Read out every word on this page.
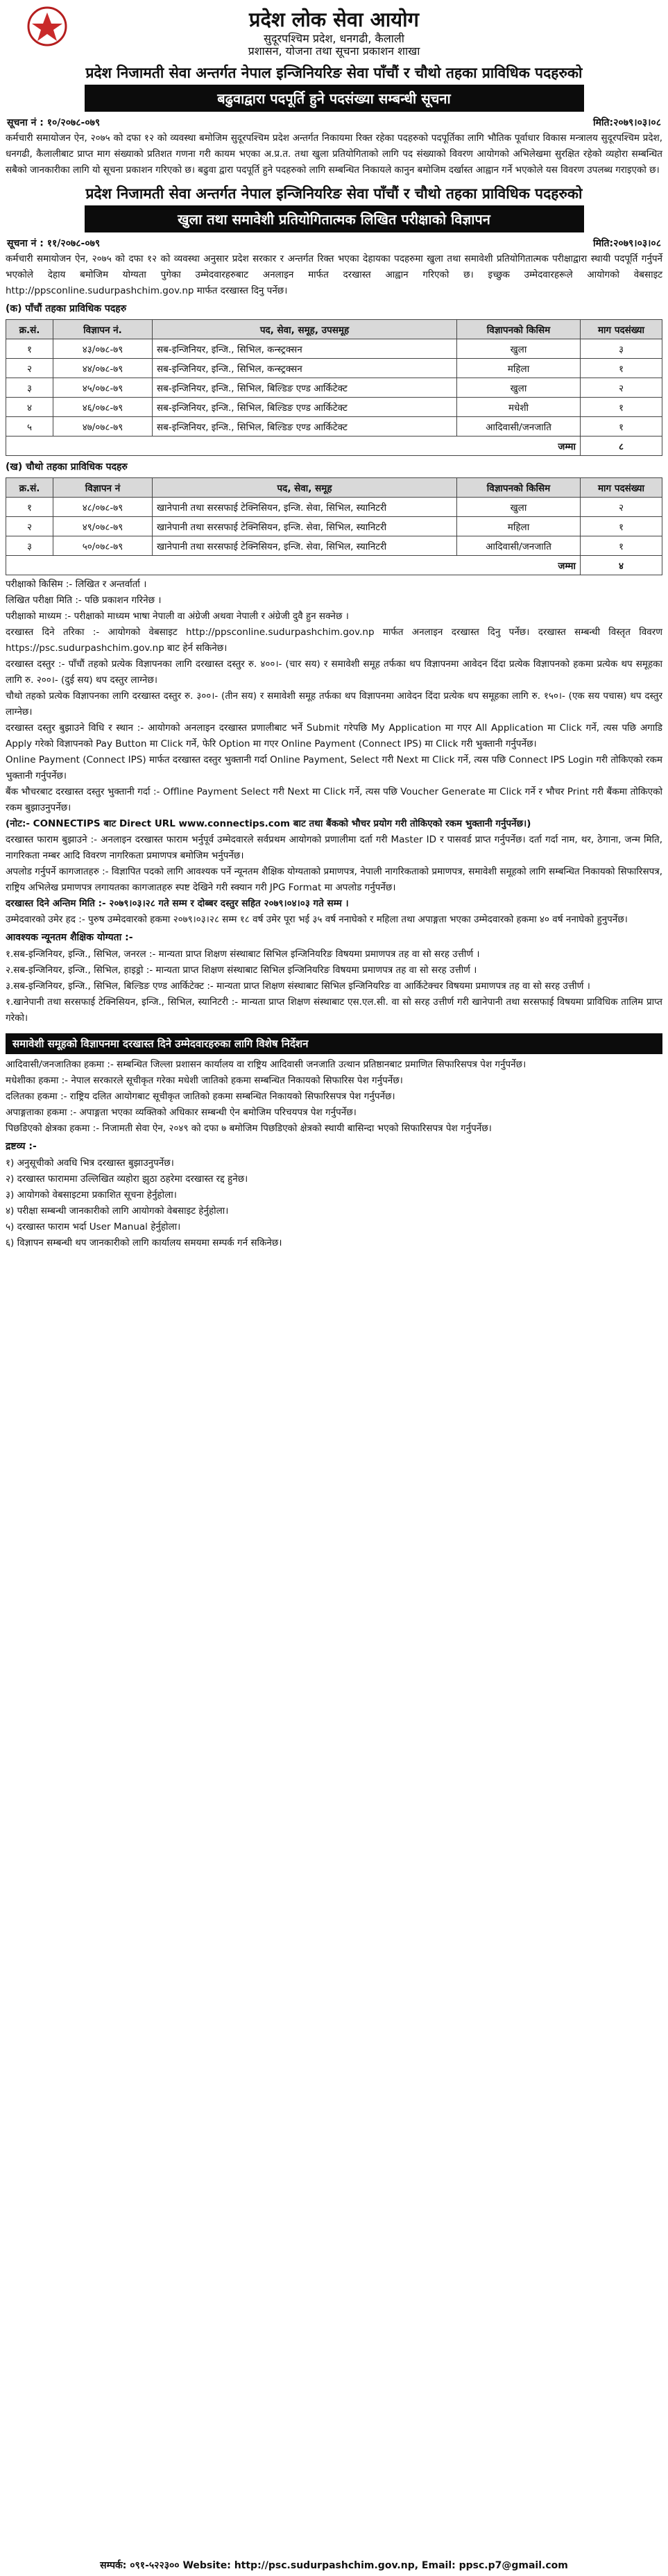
प्रदेश लोक सेवा आयोग
सुदूरपश्चिम प्रदेश, धनगढी, कैलाली
प्रशासन, योजना तथा सूचना प्रकाशन शाखा
प्रदेश निजामती सेवा अन्तर्गत नेपाल इन्जिनियरिङ सेवा पाँचौं र चौथो तहका प्राविधिक पदहरुको
बढुवाद्वारा पदपूर्ति हुने पदसंख्या सम्बन्धी सूचना
सूचना नं : १०/२०७८-०७९	मिति:२०७९।०३।०८

कर्मचारी समायोजन ऐन, २०७५ को दफा १२ को व्यवस्था बमोजिम सुदूरपश्चिम प्रदेश अन्तर्गत निकायमा रिक्त रहेका पदहरुको पदपूर्तिका लागि भौतिक पूर्वाधार विकास मन्त्रालय सुदूरपश्चिम प्रदेश, धनगढी, कैलालीबाट प्राप्त माग संख्याको प्रतिशत गणना गरी कायम भएका अ.प्र.त. तथा खुला प्रतियोगिताको लागि पद संख्याको विवरण आयोगको अभिलेखमा सुरक्षित रहेको व्यहोरा सम्बन्धित सबैको जानकारीका लागि यो सूचना प्रकाशन गरिएको छ। बढुवा द्वारा पदपूर्ति हुने पदहरुको लागि सम्बन्धित निकायले कानुन बमोजिम दर्खास्त आह्वान गर्ने भएकोले यस विवरण उपलब्ध गराइएको छ।

प्रदेश निजामती सेवा अन्तर्गत नेपाल इन्जिनियरिङ सेवा पाँचौं र चौथो तहका प्राविधिक पदहरुको
खुला तथा समावेशी प्रतियोगितात्मक लिखित परीक्षाको विज्ञापन
सूचना नं : ११/२०७८-०७९	मिति:२०७९।०३।०८

कर्मचारी समायोजन ऐन, २०७५ को दफा १२ को व्यवस्था अनुसार प्रदेश सरकार र अन्तर्गत रिक्त भएका देहायका पदहरुमा खुला तथा समावेशी प्रतियोगितात्मक परीक्षाद्वारा स्थायी पदपूर्ति गर्नुपर्ने भएकोले देहाय बमोजिम योग्यता पुगेका उम्मेदवारहरुबाट अनलाइन मार्फत दरखास्त आह्वान गरिएको छ। इच्छुक उम्मेदवारहरूले आयोगको वेबसाइट http://ppsconline.sudurpashchim.gov.np मार्फत दरखास्त दिनु पर्नेछ।

(क) पाँचौं तहका प्राविधिक पदहरु
क्र.सं.	विज्ञापन नं.	पद, सेवा, समूह, उपसमूह	विज्ञापनको किसिम	माग पदसंख्या
१	४३/०७८-७९	सब-इन्जिनियर, इन्जि., सिभिल, कन्स्ट्रक्सन	खुला	३
२	४४/०७८-७९	सब-इन्जिनियर, इन्जि., सिभिल, कन्स्ट्रक्सन	महिला	१
३	४५/०७८-७९	सब-इन्जिनियर, इन्जि., सिभिल, बिल्डिङ एण्ड आर्किटेक्ट	खुला	२
४	४६/०७८-७९	सब-इन्जिनियर, इन्जि., सिभिल, बिल्डिङ एण्ड आर्किटेक्ट	मधेशी	१
५	४७/०७८-७९	सब-इन्जिनियर, इन्जि., सिभिल, बिल्डिङ एण्ड आर्किटेक्ट	आदिवासी/जनजाति	१
जम्मा				८
(ख) चौथो तहका प्राविधिक पदहरु
क्र.सं.	विज्ञापन नं	पद, सेवा, समूह	विज्ञापनको किसिम	माग पदसंख्या
१	४८/०७८-७९	खानेपानी तथा सरसफाई टेक्निसियन, इन्जि. सेवा, सिभिल, स्यानिटरी	खुला	२
२	४९/०७८-७९	खानेपानी तथा सरसफाई टेक्निसियन, इन्जि. सेवा, सिभिल, स्यानिटरी	महिला	१
३	५०/०७८-७९	खानेपानी तथा सरसफाई टेक्निसियन, इन्जि. सेवा, सिभिल, स्यानिटरी	आदिवासी/जनजाति	१
जम्मा				४
परीक्षाको किसिम :- लिखित र अन्तर्वार्ता ।
लिखित परीक्षा मिति :- पछि प्रकाशन गरिनेछ ।
परीक्षाको माध्यम :- परीक्षाको माध्यम भाषा नेपाली वा अंग्रेजी अथवा नेपाली र अंग्रेजी दुवै हुन सक्नेछ ।
दरखास्त दिने तरिका :- आयोगको वेबसाइट http://ppsconline.sudurpashchim.gov.np मार्फत अनलाइन दरखास्त दिनु पर्नेछ। दरखास्त सम्बन्धी विस्तृत विवरण https://psc.sudurpashchim.gov.np बाट हेर्न सकिनेछ।
दरखास्त दस्तुर :- पाँचौं तहको प्रत्येक विज्ञापनका लागि दरखास्त दस्तुर रु. ४००।- (चार सय) र समावेशी समूह तर्फका थप विज्ञापनमा आवेदन दिंदा प्रत्येक विज्ञापनको हकमा प्रत्येक थप समूहका लागि रु. २००।- (दुई सय) थप दस्तुर लाग्नेछ।
चौथो तहको प्रत्येक विज्ञापनका लागि दरखास्त दस्तुर रु. ३००।- (तीन सय) र समावेशी समूह तर्फका थप विज्ञापनमा आवेदन दिंदा प्रत्येक थप समूहका लागि रु. १५०।- (एक सय पचास) थप दस्तुर लाग्नेछ।
दरखास्त दस्तुर बुझाउने विधि र स्थान :- आयोगको अनलाइन दरखास्त प्रणालीबाट भर्ने Submit गरेपछि My Application मा गएर All Application मा Click गर्ने, त्यस पछि अगाडि Apply गरेको विज्ञापनको Pay Button मा Click गर्ने, फेरि Option मा गएर Online Payment (Connect IPS) मा Click गरी भुक्तानी गर्नुपर्नेछ।
Online Payment (Connect IPS) मार्फत दरखास्त दस्तुर भुक्तानी गर्दा Online Payment, Select गरी Next मा Click गर्ने, त्यस पछि Connect IPS Login गरी तोकिएको रकम भुक्तानी गर्नुपर्नेछ।
बैंक भौचरबाट दरखास्त दस्तुर भुक्तानी गर्दा :- Offline Payment Select गरी Next मा Click गर्ने, त्यस पछि Voucher Generate मा Click गर्ने र भौचर Print गरी बैंकमा तोकिएको रकम बुझाउनुपर्नेछ।
(नोट:- CONNECTIPS बाट Direct URL www.connectips.com बाट तथा बैंकको भौचर प्रयोग गरी तोकिएको रकम भुक्तानी गर्नुपर्नेछ।)
दरखास्त फाराम बुझाउने :- अनलाइन दरखास्त फाराम भर्नुपूर्व उम्मेदवारले सर्वप्रथम आयोगको प्रणालीमा दर्ता गरी Master ID र पासवर्ड प्राप्त गर्नुपर्नेछ। दर्ता गर्दा नाम, थर, ठेगाना, जन्म मिति, नागरिकता नम्बर आदि विवरण नागरिकता प्रमाणपत्र बमोजिम भर्नुपर्नेछ।
अपलोड गर्नुपर्ने कागजातहरु :- विज्ञापित पदको लागि आवश्यक पर्ने न्यूनतम शैक्षिक योग्यताको प्रमाणपत्र, नेपाली नागरिकताको प्रमाणपत्र, समावेशी समूहको लागि सम्बन्धित निकायको सिफारिसपत्र, राष्ट्रिय अभिलेख प्रमाणपत्र लगायतका कागजातहरु स्पष्ट देखिने गरी स्क्यान गरी JPG Format मा अपलोड गर्नुपर्नेछ।
दरखास्त दिने अन्तिम मिति :- २०७९।०३।२८ गते सम्म र दोब्बर दस्तुर सहित २०७९।०४।०३ गते सम्म ।
उम्मेदवारको उमेर हद :- पुरुष उम्मेदवारको हकमा २०७९।०३।२८ सम्म १८ वर्ष उमेर पूरा भई ३५ वर्ष ननाघेको र महिला तथा अपाङ्गता भएका उम्मेदवारको हकमा ४० वर्ष ननाघेको हुनुपर्नेछ।
आवश्यक न्यूनतम शैक्षिक योग्यता :-
१.सब-इन्जिनियर, इन्जि., सिभिल, जनरल :- मान्यता प्राप्त शिक्षण संस्थाबाट सिभिल इन्जिनियरिङ विषयमा प्रमाणपत्र तह वा सो सरह उत्तीर्ण ।
२.सब-इन्जिनियर, इन्जि., सिभिल, हाइड्रो :- मान्यता प्राप्त शिक्षण संस्थाबाट सिभिल इन्जिनियरिङ विषयमा प्रमाणपत्र तह वा सो सरह उत्तीर्ण ।
३.सब-इन्जिनियर, इन्जि., सिभिल, बिल्डिङ एण्ड आर्किटेक्ट :- मान्यता प्राप्त शिक्षण संस्थाबाट सिभिल इन्जिनियरिङ वा आर्किटेक्चर विषयमा प्रमाणपत्र तह वा सो सरह उत्तीर्ण ।
१.खानेपानी तथा सरसफाई टेक्निसियन, इन्जि., सिभिल, स्यानिटरी :- मान्यता प्राप्त शिक्षण संस्थाबाट एस.एल.सी. वा सो सरह उत्तीर्ण गरी खानेपानी तथा सरसफाई विषयमा प्राविधिक तालिम प्राप्त गरेको।
समावेशी समूहको विज्ञापनमा दरखास्त दिने उम्मेदवारहरुका लागि विशेष निर्देशन
आदिवासी/जनजातिका हकमा :- सम्बन्धित जिल्ला प्रशासन कार्यालय वा राष्ट्रिय आदिवासी जनजाति उत्थान प्रतिष्ठानबाट प्रमाणित सिफारिसपत्र पेश गर्नुपर्नेछ।
मधेशीका हकमा :- नेपाल सरकारले सूचीकृत गरेका मधेशी जातिको हकमा सम्बन्धित निकायको सिफारिस पेश गर्नुपर्नेछ।
दलितका हकमा :- राष्ट्रिय दलित आयोगबाट सूचीकृत जातिको हकमा सम्बन्धित निकायको सिफारिसपत्र पेश गर्नुपर्नेछ।
अपाङ्गताका हकमा :- अपाङ्गता भएका व्यक्तिको अधिकार सम्बन्धी ऐन बमोजिम परिचयपत्र पेश गर्नुपर्नेछ।
पिछडिएको क्षेत्रका हकमा :- निजामती सेवा ऐन, २०४९ को दफा ७ बमोजिम पिछडिएको क्षेत्रको स्थायी बासिन्दा भएको सिफारिसपत्र पेश गर्नुपर्नेछ।
द्रष्टव्य :-
१) अनुसूचीको अवधि भित्र दरखास्त बुझाउनुपर्नेछ।
२) दरखास्त फाराममा उल्लिखित व्यहोरा झुठा ठहरेमा दरखास्त रद्द हुनेछ।
३) आयोगको वेबसाइटमा प्रकाशित सूचना हेर्नुहोला।
४) परीक्षा सम्बन्धी जानकारीको लागि आयोगको वेबसाइट हेर्नुहोला।
५) दरखास्त फाराम भर्दा User Manual हेर्नुहोला।
६) विज्ञापन सम्बन्धी थप जानकारीको लागि कार्यालय समयमा सम्पर्क गर्न सकिनेछ।
सम्पर्क: ०९१-५२२३०० Website: http://psc.sudurpashchim.gov.np, Email: ppsc.p7@gmail.com
